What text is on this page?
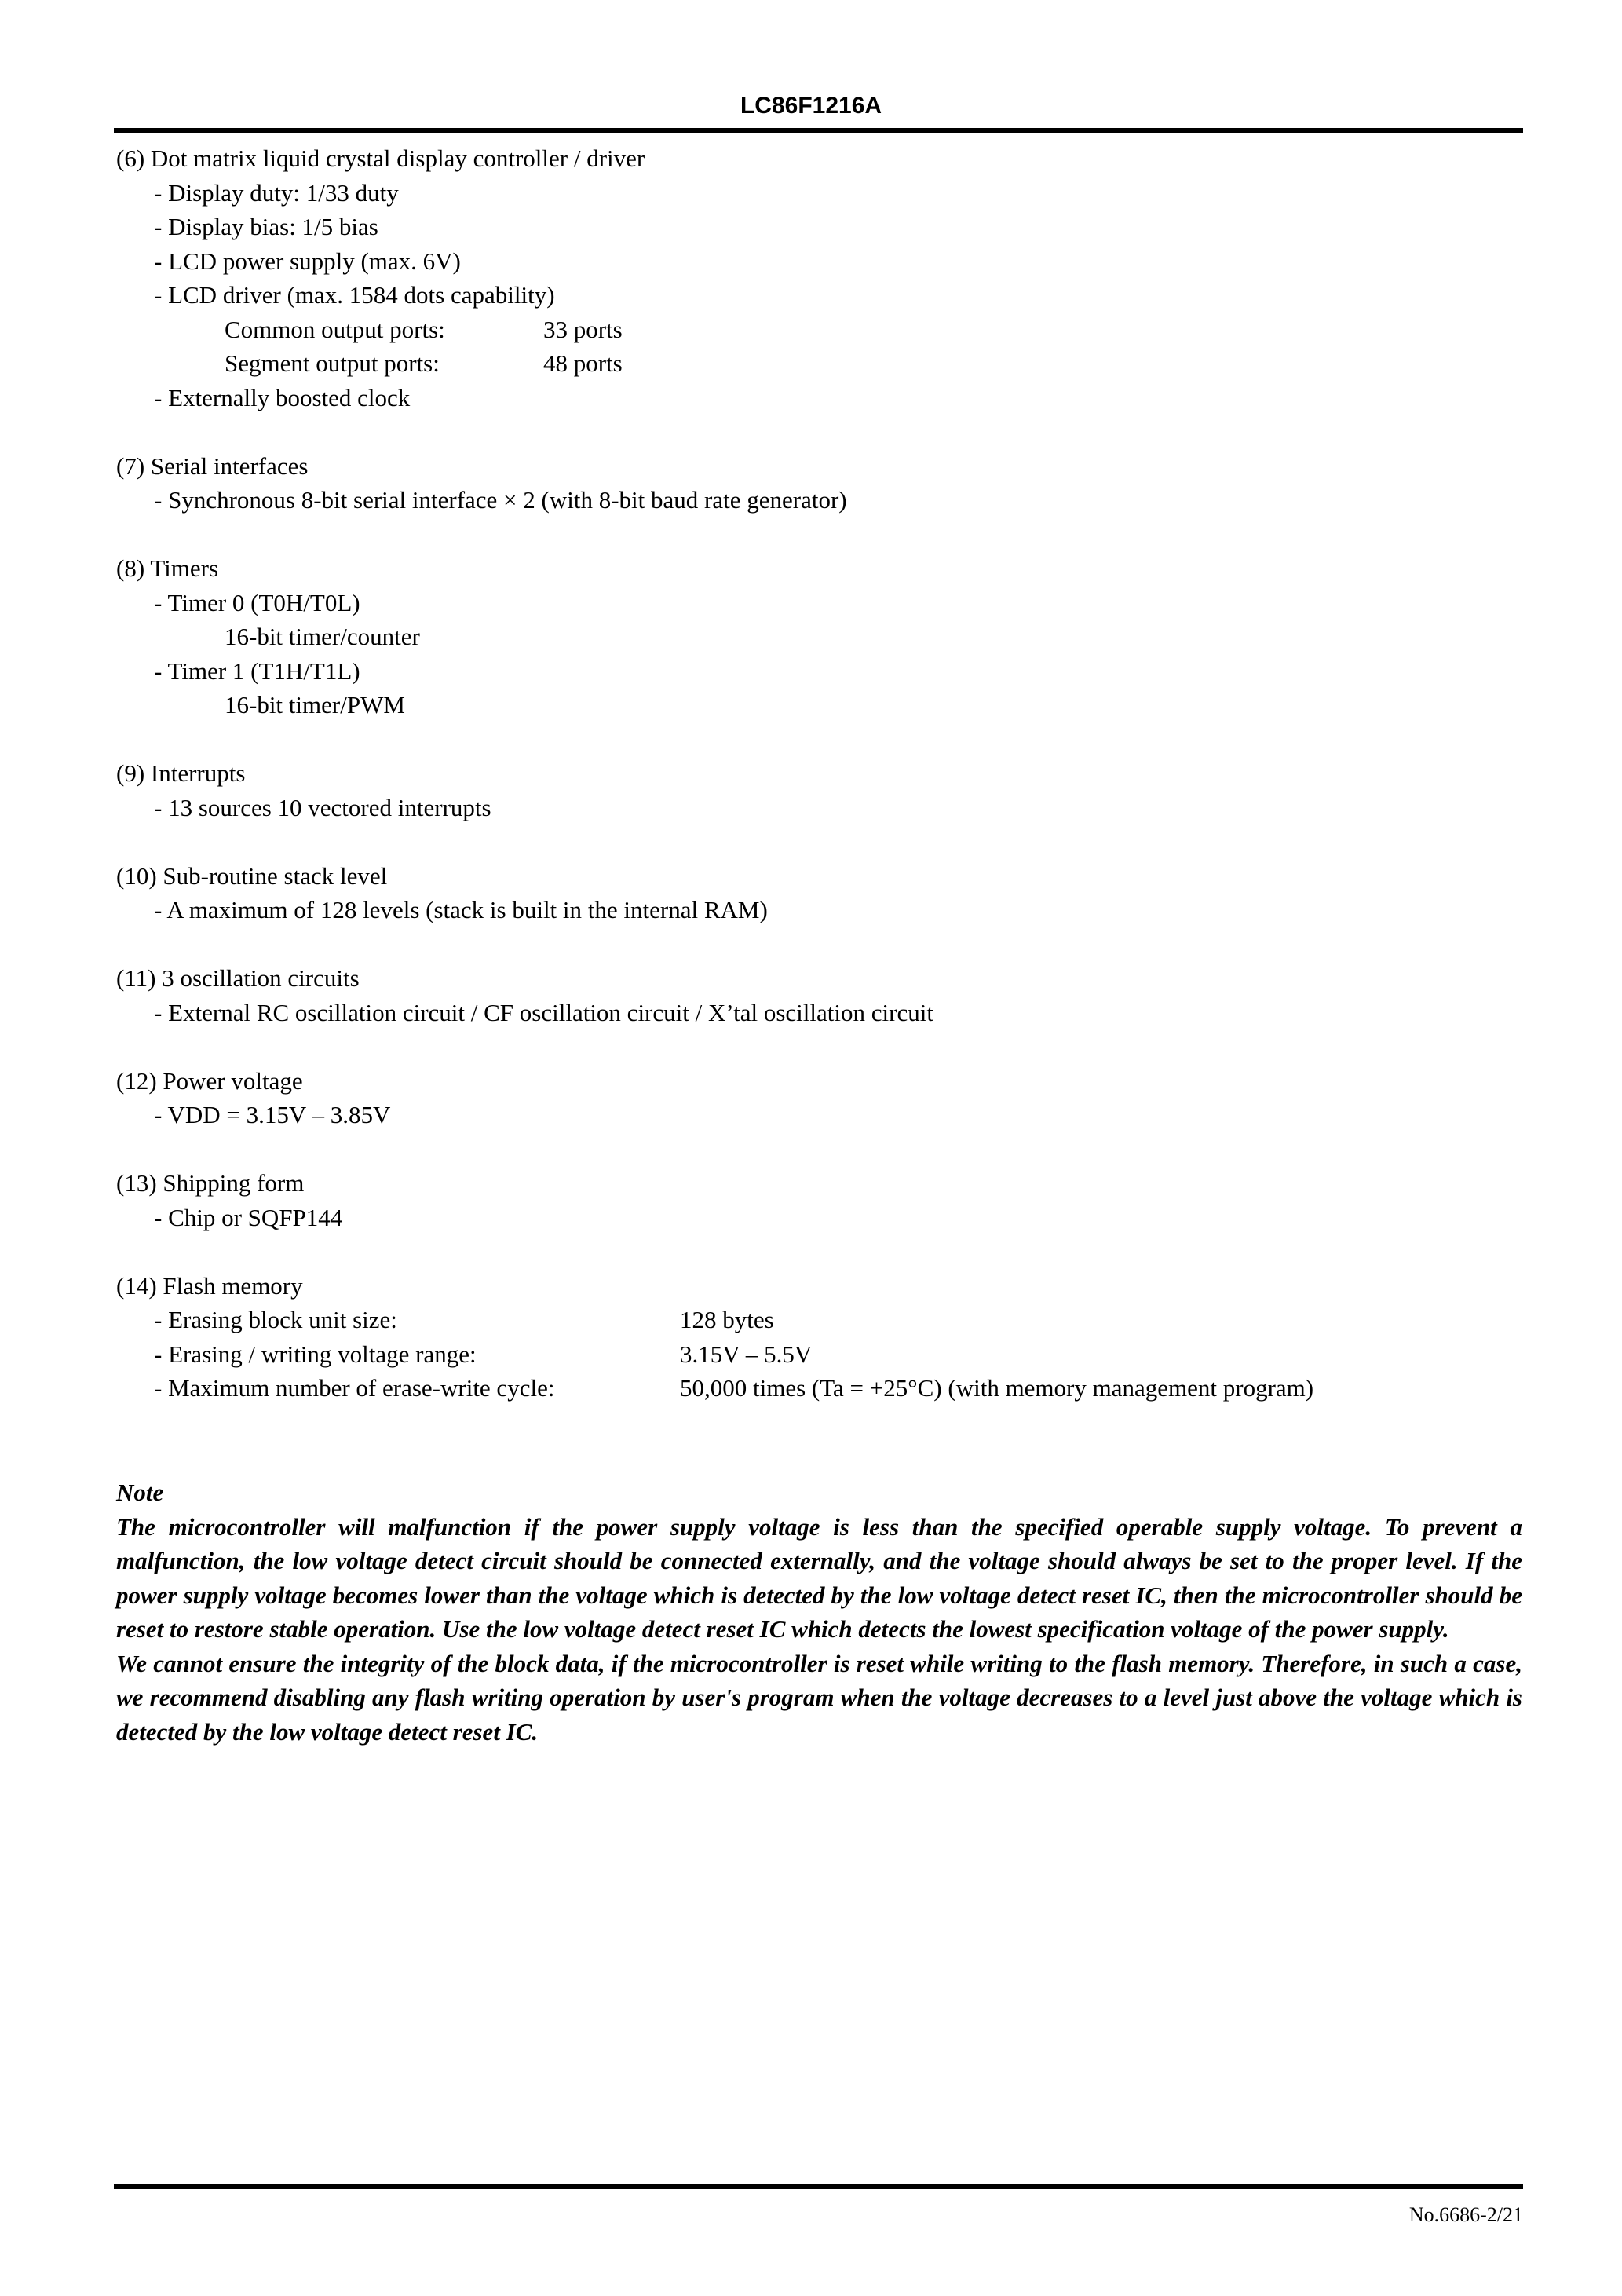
LC86F1216A
(6) Dot matrix liquid crystal display controller / driver
- Display duty: 1/33 duty
- Display bias: 1/5 bias
- LCD power supply (max. 6V)
- LCD driver (max. 1584 dots capability)
Common output ports:	33 ports
Segment output ports:	48 ports
- Externally boosted clock
(7) Serial interfaces
- Synchronous 8-bit serial interface × 2 (with 8-bit baud rate generator)
(8) Timers
- Timer 0 (T0H/T0L)
16-bit timer/counter
- Timer 1 (T1H/T1L)
16-bit timer/PWM
(9) Interrupts
- 13 sources 10 vectored interrupts
(10) Sub-routine stack level
- A maximum of 128 levels (stack is built in the internal RAM)
(11) 3 oscillation circuits
- External RC oscillation circuit / CF oscillation circuit / X’tal oscillation circuit
(12) Power voltage
- VDD = 3.15V – 3.85V
(13) Shipping form
- Chip or SQFP144
(14) Flash memory
- Erasing block unit size:	128 bytes
- Erasing / writing voltage range:	3.15V – 5.5V
- Maximum number of erase-write cycle:	50,000 times (Ta = +25°C) (with memory management program)

Note

The microcontroller will malfunction if the power supply voltage is less than the specified operable supply voltage. To prevent a malfunction, the low voltage detect circuit should be connected externally, and the voltage should always be set to the proper level. If the power supply voltage becomes lower than the voltage which is detected by the low voltage detect reset IC, then the microcontroller should be reset to restore stable operation. Use the low voltage detect reset IC which detects the lowest specification voltage of the power supply.

We cannot ensure the integrity of the block data, if the microcontroller is reset while writing to the flash memory. Therefore, in such a case, we recommend disabling any flash writing operation by user's program when the voltage decreases to a level just above the voltage which is detected by the low voltage detect reset IC.

No.6686-2/21
